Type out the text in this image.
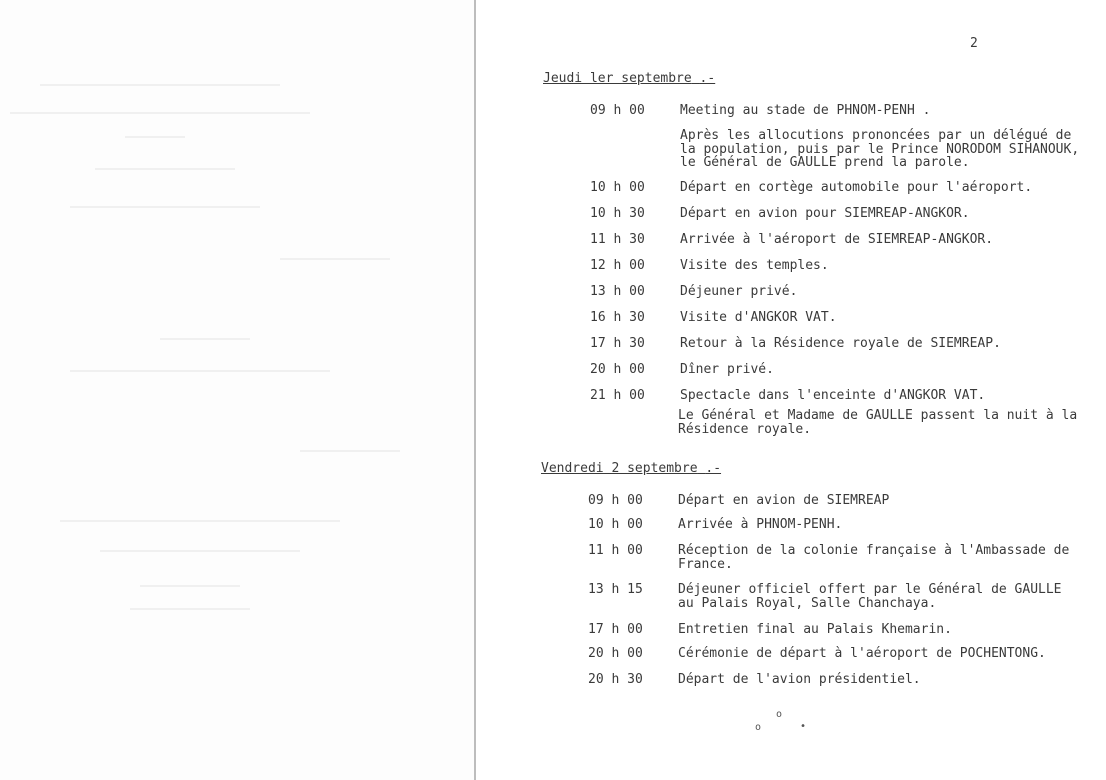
2
Jeudi ler septembre .-
09 h 00	Meeting au stade de PHNOM-PENH .
Après les allocutions prononcées par un délégué de
la population, puis par le Prince NORODOM SIHANOUK,
le Général de GAULLE prend la parole.
10 h 00	Départ en cortège automobile pour l'aéroport.
10 h 30	Départ en avion pour SIEMREAP-ANGKOR.
11 h 30	Arrivée à l'aéroport de SIEMREAP-ANGKOR.
12 h 00	Visite des temples.
13 h 00	Déjeuner privé.
16 h 30	Visite d'ANGKOR VAT.
17 h 30	Retour à la Résidence royale de SIEMREAP.
20 h 00	Dîner privé.
21 h 00	Spectacle dans l'enceinte d'ANGKOR VAT.
Le Général et Madame de GAULLE passent la nuit à la
Résidence royale.
Vendredi 2 septembre .-
09 h 00	Départ en avion de SIEMREAP
10 h 00	Arrivée à PHNOM-PENH.
11 h 00	Réception de la colonie française à l'Ambassade de
France.
13 h 15	Déjeuner officiel offert par le Général de GAULLE
au Palais Royal, Salle Chanchaya.
17 h 00	Entretien final au Palais Khemarin.
20 h 00	Cérémonie de départ à l'aéroport de POCHENTONG.
20 h 30	Départ de l'avion présidentiel.
o
o	•
